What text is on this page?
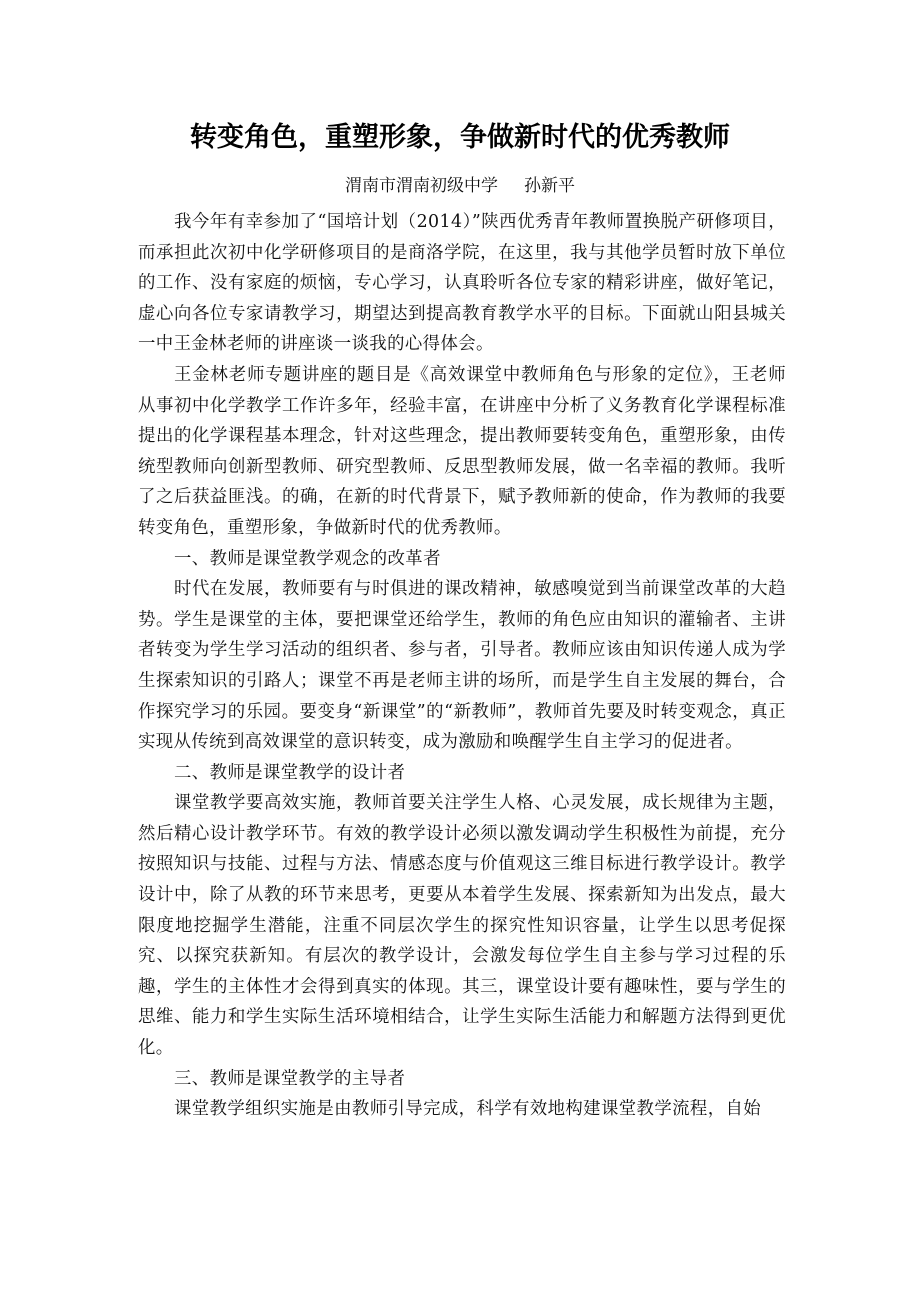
转变角色，重塑形象，争做新时代的优秀教师
渭南市渭南初级中学 孙新平

我今年有幸参加了“国培计划（2014）”陕西优秀青年教师置换脱产研修项目，而承担此次初中化学研修项目的是商洛学院，在这里，我与其他学员暂时放下单位的工作、没有家庭的烦恼，专心学习，认真聆听各位专家的精彩讲座，做好笔记，虚心向各位专家请教学习，期望达到提高教育教学水平的目标。下面就山阳县城关一中王金林老师的讲座谈一谈我的心得体会。

王金林老师专题讲座的题目是《高效课堂中教师角色与形象的定位》，王老师从事初中化学教学工作许多年，经验丰富，在讲座中分析了义务教育化学课程标准提出的化学课程基本理念，针对这些理念，提出教师要转变角色，重塑形象，由传统型教师向创新型教师、研究型教师、反思型教师发展，做一名幸福的教师。我听了之后获益匪浅。的确，在新的时代背景下，赋予教师新的使命，作为教师的我要转变角色，重塑形象，争做新时代的优秀教师。

一、教师是课堂教学观念的改革者

时代在发展，教师要有与时俱进的课改精神，敏感嗅觉到当前课堂改革的大趋势。学生是课堂的主体，要把课堂还给学生，教师的角色应由知识的灌输者、主讲者转变为学生学习活动的组织者、参与者，引导者。教师应该由知识传递人成为学生探索知识的引路人；课堂不再是老师主讲的场所，而是学生自主发展的舞台，合作探究学习的乐园。要变身“新课堂”的“新教师”，教师首先要及时转变观念，真正实现从传统到高效课堂的意识转变，成为激励和唤醒学生自主学习的促进者。

二、教师是课堂教学的设计者

课堂教学要高效实施，教师首要关注学生人格、心灵发展，成长规律为主题，然后精心设计教学环节。有效的教学设计必须以激发调动学生积极性为前提，充分按照知识与技能、过程与方法、情感态度与价值观这三维目标进行教学设计。教学设计中，除了从教的环节来思考，更要从本着学生发展、探索新知为出发点，最大限度地挖掘学生潜能，注重不同层次学生的探究性知识容量，让学生以思考促探究、以探究获新知。有层次的教学设计，会激发每位学生自主参与学习过程的乐趣，学生的主体性才会得到真实的体现。其三，课堂设计要有趣味性，要与学生的思维、能力和学生实际生活环境相结合，让学生实际生活能力和解题方法得到更优化。

三、教师是课堂教学的主导者

课堂教学组织实施是由教师引导完成，科学有效地构建课堂教学流程，自始
